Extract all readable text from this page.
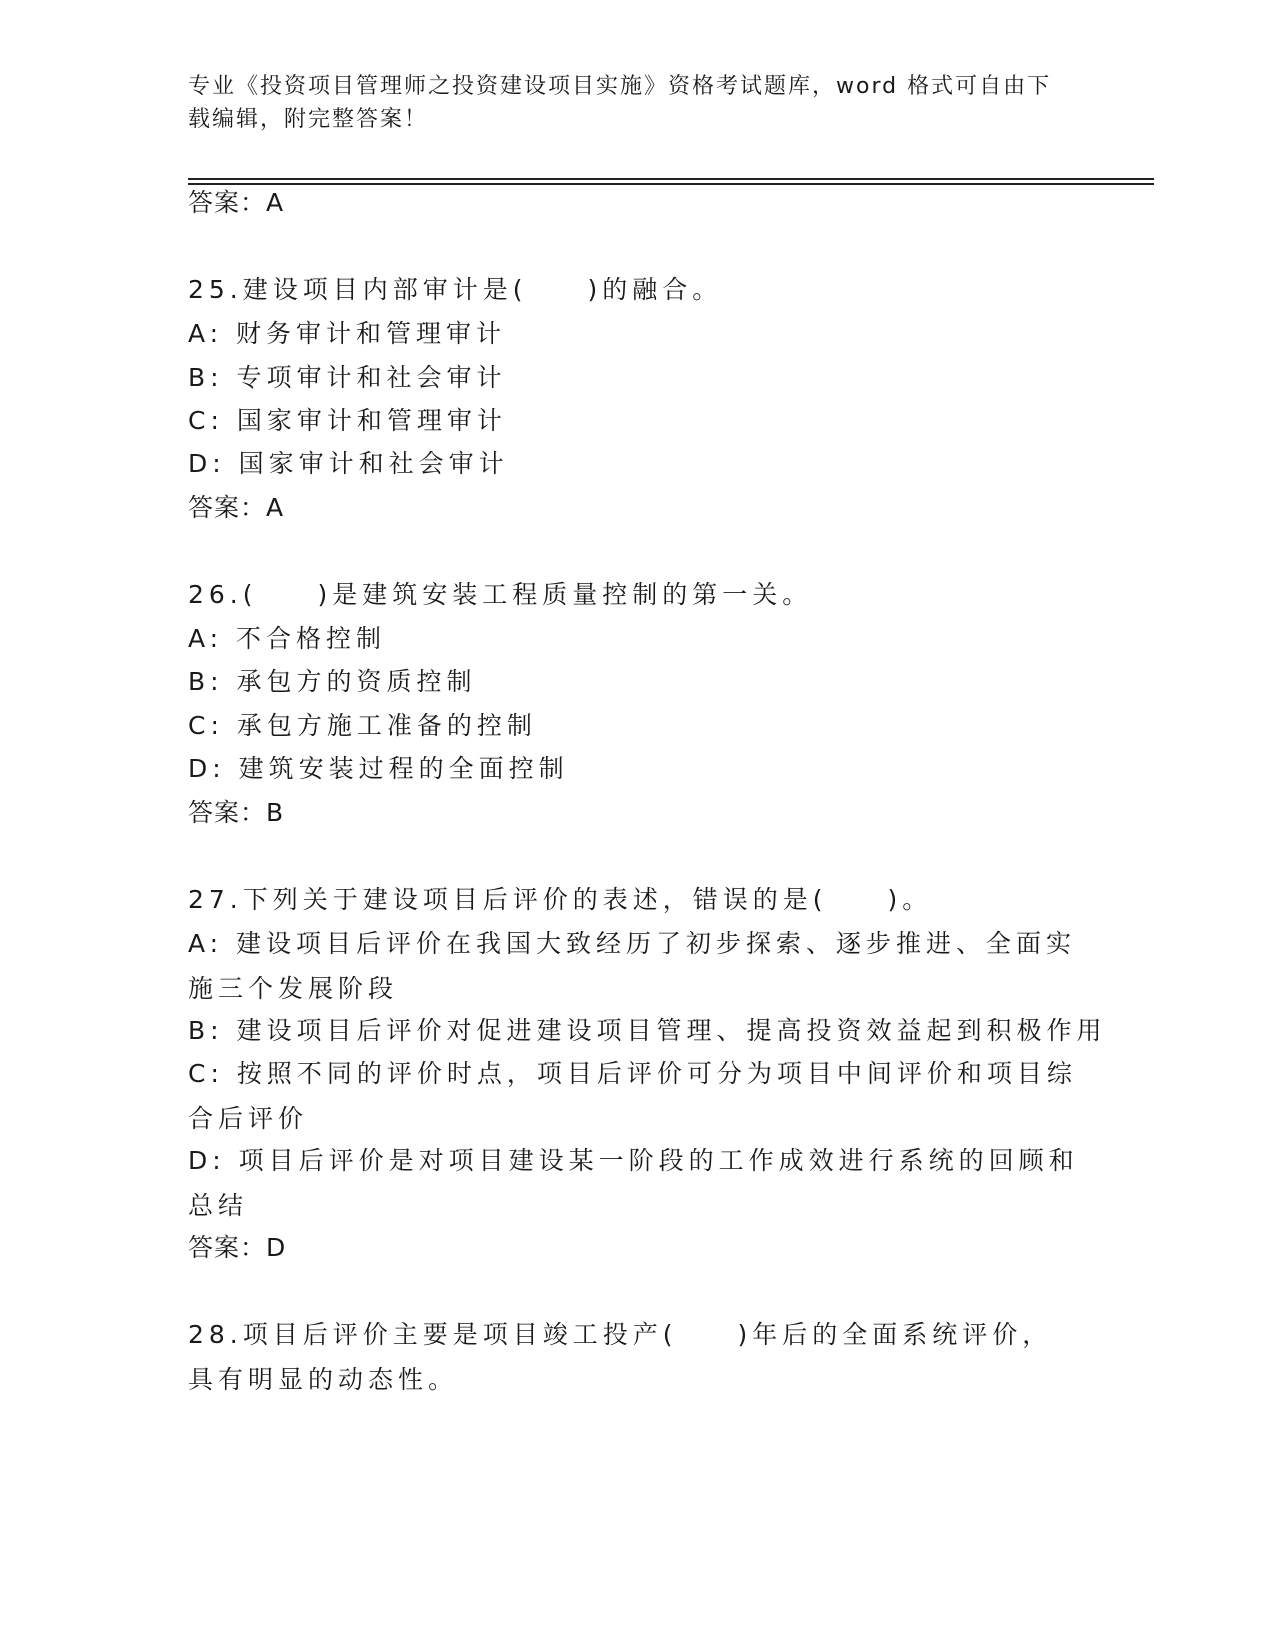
专业《投资项目管理师之投资建设项目实施》资格考试题库，word 格式可自由下载编辑，附完整答案！
答案：A
25.建设项目内部审计是(　　)的融合。
A: 财务审计和管理审计
B: 专项审计和社会审计
C: 国家审计和管理审计
D: 国家审计和社会审计
答案：A
26.(　　)是建筑安装工程质量控制的第一关。
A: 不合格控制
B: 承包方的资质控制
C: 承包方施工准备的控制
D: 建筑安装过程的全面控制
答案：B
27.下列关于建设项目后评价的表述，错误的是(　　)。
A: 建设项目后评价在我国大致经历了初步探索、逐步推进、全面实施三个发展阶段
B: 建设项目后评价对促进建设项目管理、提高投资效益起到积极作用
C: 按照不同的评价时点，项目后评价可分为项目中间评价和项目综合后评价
D: 项目后评价是对项目建设某一阶段的工作成效进行系统的回顾和总结
答案：D
28.项目后评价主要是项目竣工投产(　　)年后的全面系统评价，具有明显的动态性。
